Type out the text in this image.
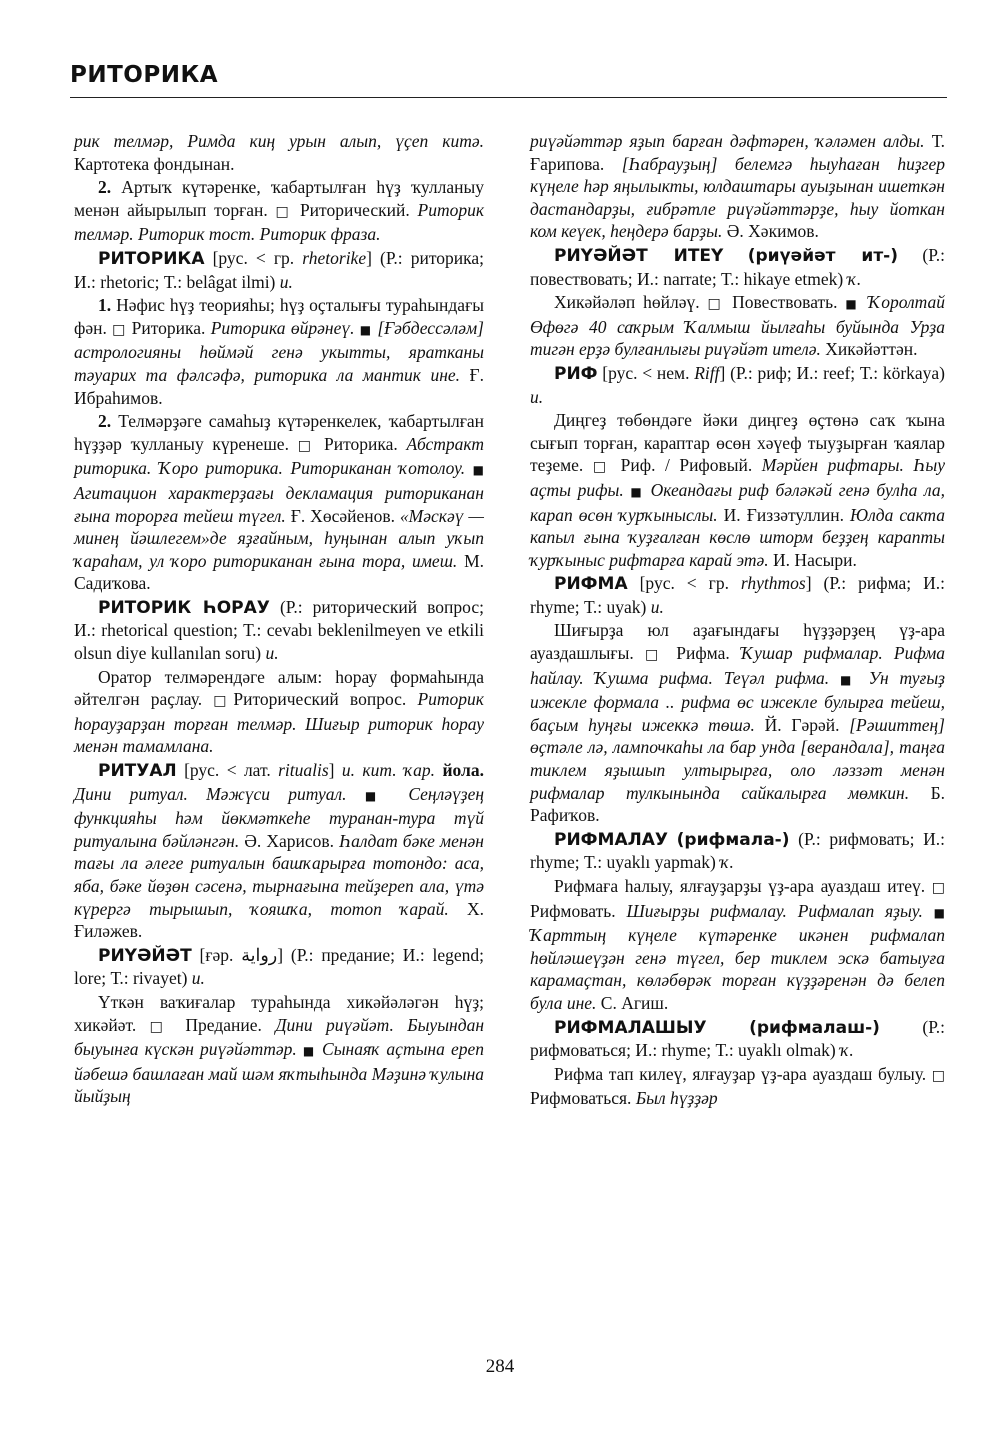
РИТОРИКА

рик телмәр, Римда киң урын алып, үҫеп китә. Картотека фондынан.

2. Артыҡ күтәренке, ҡабартылған һүҙ ҡулланыу менән айырылып торған. □ Риторический. Риторик телмәр. Риторик тост. Риторик фраза.

РИТОРИКА [рус. < гр. rhetorike] (Р.: риторика; И.: rhetoric; Т.: belâgat ilmi) и.

1. Нәфис һүҙ теорияһы; һүҙ оҫталығы тураһындағы фән. □ Риторика. Риторика өйрәнеү. ■ [Ғәбдессәләм] астрологияны һөймәй генә укытты, яратканы тәуарих та фәлсәфә, риторика ла мантик ине. Ғ. Ибраһимов.

2. Телмәрҙәге самаһыҙ күтәренкелек, ҡабартылған һүҙҙәр ҡулланыу күренеше. □ Риторика. Абстракт риторика. Ҡоро риторика. Риториканан ҡотолоу. ■ Агитацион характерҙағы декламация риториканан ғына торорға тейеш түгел. Ғ. Хөсәйенов. «Мәскәү — минең йәшлегем»де яҙғайным, һуңынан алып уҡып ҡараһам, ул ҡоро риториканан ғына тора, имеш. М. Садиҡова.

РИТОРИК ҺОРАУ (Р.: риторический вопрос; И.: rhetorical question; Т.: cevabı beklenilmeyen ve etkili olsun diye kullanılan soru) и.

Оратор телмәрендәге алым: һорау формаһында әйтелгән раҫлау. □Риторический вопрос. Риторик һорауҙарҙан торған телмәр. Шиғыр риторик һорау менән тамамлана.

РИТУАЛ [рус. < лат. ritualis] и. кит. ҡар. йола. Дини ритуал. Мәжүси ритуал. ■ Сеңләүҙең функцияһы һәм йөкмәткеһе туранан-тура түй ритуалына бәйләнгән. Ә. Харисов. Һалдат бәке менән тағы ла әлеге ритуалын башҡарырға тотондо: аса, яба, бәке йөҙөн сәсенә, тырнағына тейҙереп ала, үтә күрергә тырышып, ҡояшҡа, тотоп ҡарай. Х. Ғиләжев.

РИҮӘЙӘТ [ғәр. رواية] (Р.: предание; И.: legend; lore; Т.: rivayet) и.

Үткән ваҡиғалар тураһында хикәйәләгән һүҙ; хикәйәт. □ Предание. Дини риүәйәт. Быуындан быуынға күскән риүәйәттәр. ■ Сынаяҡ аҫтына ереп йәбешә башлаған май шәм яҡтыһында Мәҙинә ҡулына йыйҙың

риүәйәттәр яҙып барған дәфтәрен, ҡәләмен алды. Т. Ғарипова. [Һабрауҙың] белемгә һыуһаған һиҙгер күңеле һәр яңылыкты, юлдаштары ауыҙынан ишеткән дастандарҙы, ғибрәтле риүәйәттәрҙе, һыу йоткан ком кеүек, һеңдерә барҙы. Ә. Хәкимов.

РИҮӘЙӘТ ИТЕҮ (риүәйәт ит-) (Р.: повествовать; И.: narrate; Т.: hikaye etmek) ҡ.

Хикәйәләп һөйләү. □ Повествовать. ■ Ҡоролтай Өфөгә 40 саҡрым Ҡалмыш йылғаһы буйында Урҙа тигән ерҙә булғанлығы риүәйәт ителә. Хикәйәттән.

РИФ [рус. < нем. Riff] (Р.: риф; И.: reef; Т.: körkaya) и.

Диңгеҙ төбөндәге йәки диңгеҙ өҫтөнә саҡ ҡына сығып торған, караптар өсөн хәүеф тыуҙырған ҡаялар теҙеме. □ Риф. / Рифовый. Мәрйен рифтары. Һыу аҫты рифы. ■ Океандағы риф бәләкәй генә булһа ла, карап өсөн ҡурҡыныслы. И. Ғиззәтуллин. Юлда сакта капыл ғына ҡуҙғалған көслө шторм беҙҙең карапты ҡурҡыныс рифтарға карай этә. И. Насыри.

РИФМА [рус. < гр. rhythmos] (Р.: рифма; И.: rhyme; Т.: uyak) и.

Шиғырҙа юл аҙағындағы һүҙҙәрҙең үҙ-ара ауаздашлығы. □ Рифма. Ҡушар рифмалар. Рифма һайлау. Ҡушма рифма. Теүәл рифма. ■ Ун туғыҙ ижекле формала .. рифма өс ижекле булырға тейеш, баҫым һуңғы ижеккә төшә. Й. Гәрәй. [Рәшиттең] өҫтәле лә, лампочкаһы ла бар унда [верандала], таңға тиклем яҙышып ултырырға, оло ләззәт менән рифмалар тулкынында сайкалырға мөмкин. Б. Рафиҡов.

РИФМАЛАУ (рифмала-) (Р.: рифмовать; И.: rhyme; Т.: uyaklı yapmak) ҡ.

Рифмаға һалыу, ялғауҙарҙы үҙ-ара ауаздаш итеү. □ Рифмовать. Шиғырҙы рифмалау. Рифмалап яҙыу. ■ Ҡарттың күңеле күтәренке икәнен рифмалап һөйләшеүҙән генә түгел, бер тиклем эскә батыуға карамаҫтан, көләбөрәк торған күҙҙәренән дә белеп була ине. С. Агиш.

РИФМАЛАШЫУ (рифмалаш-) (Р.: рифмоваться; И.: rhyme; Т.: uyaklı olmak) ҡ.

Рифма тап килеү, ялғауҙар үҙ-ара ауаздаш булыу. □ Рифмоваться. Был һүҙҙәр

284
